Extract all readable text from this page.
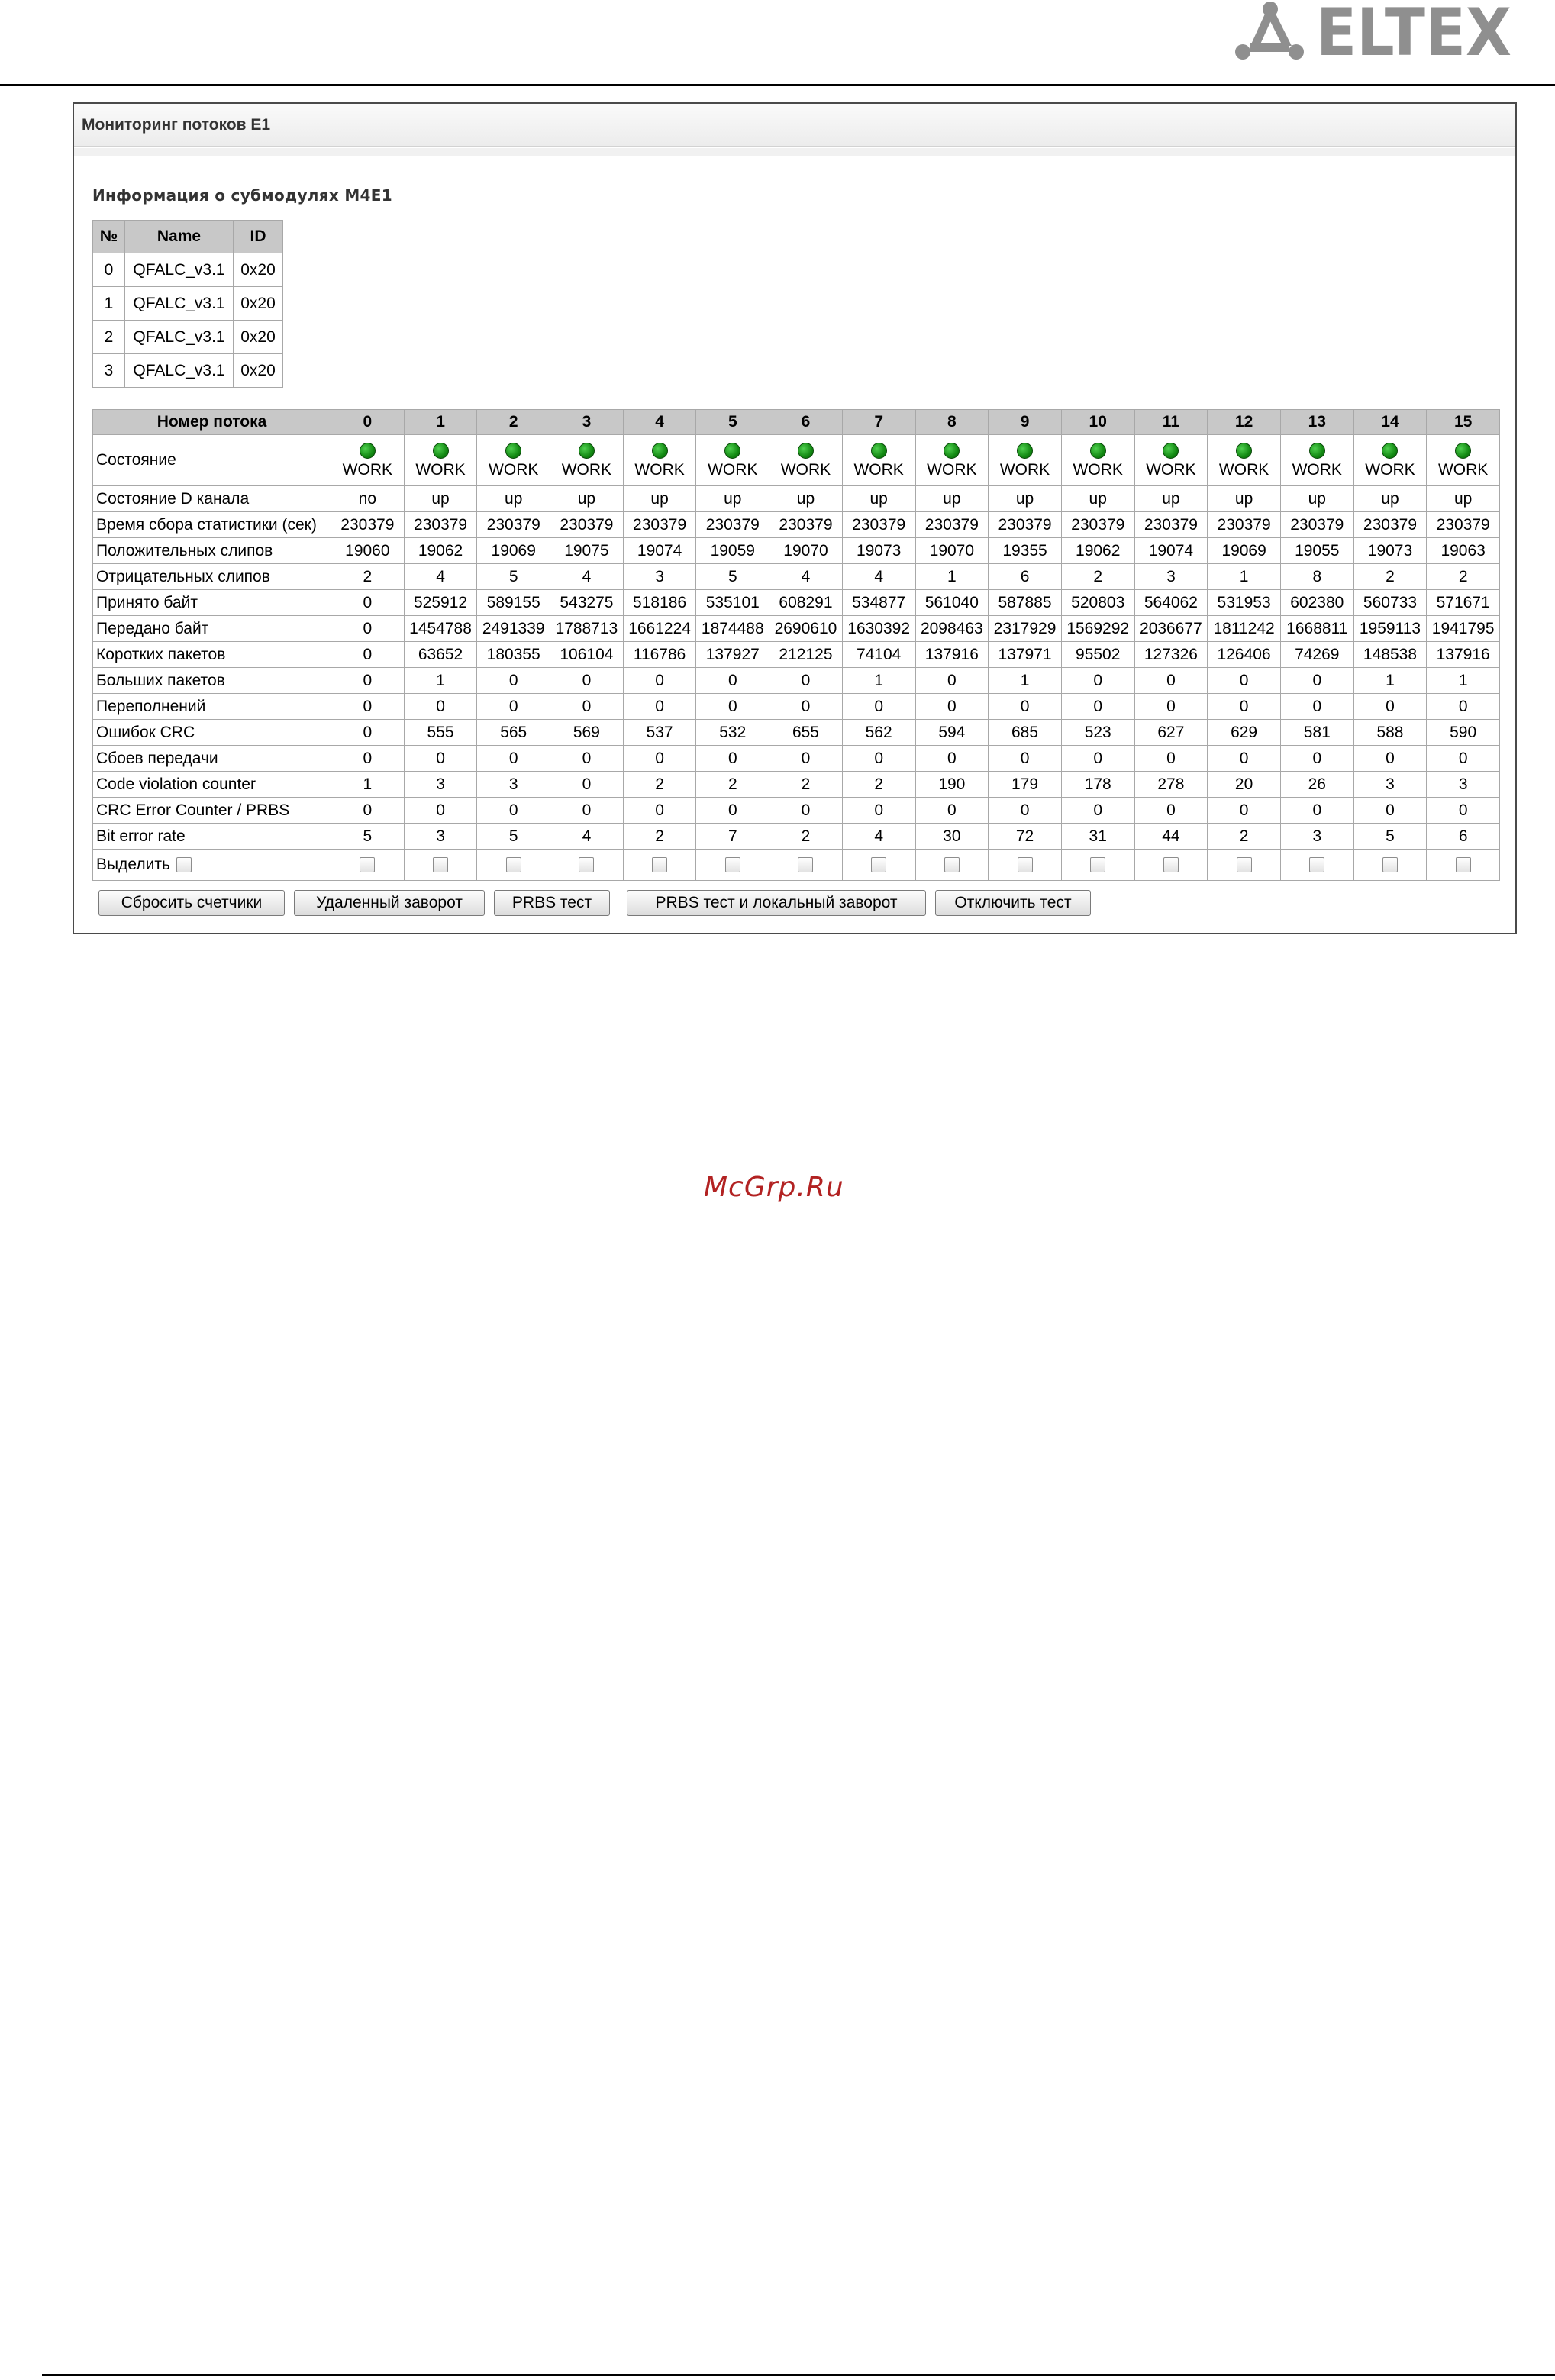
ELTEX
Мониторинг потоков E1
Информация о субмодулях M4E1
№	Name	ID
0	QFALC_v3.1	0x20
1	QFALC_v3.1	0x20
2	QFALC_v3.1	0x20
3	QFALC_v3.1	0x20
Номер потока	0	1	2	3	4	5	6	7	8	9	10	11	12	13	14	15
Состояние	WORK	WORK	WORK	WORK	WORK	WORK	WORK	WORK	WORK	WORK	WORK	WORK	WORK	WORK	WORK	WORK
Состояние D канала	no	up	up	up	up	up	up	up	up	up	up	up	up	up	up	up
Время сбора статистики (сек)	230379	230379	230379	230379	230379	230379	230379	230379	230379	230379	230379	230379	230379	230379	230379	230379
Положительных слипов	19060	19062	19069	19075	19074	19059	19070	19073	19070	19355	19062	19074	19069	19055	19073	19063
Отрицательных слипов	2	4	5	4	3	5	4	4	1	6	2	3	1	8	2	2
Принято байт	0	525912	589155	543275	518186	535101	608291	534877	561040	587885	520803	564062	531953	602380	560733	571671
Передано байт	0	1454788	2491339	1788713	1661224	1874488	2690610	1630392	2098463	2317929	1569292	2036677	1811242	1668811	1959113	1941795
Коротких пакетов	0	63652	180355	106104	116786	137927	212125	74104	137916	137971	95502	127326	126406	74269	148538	137916
Больших пакетов	0	1	0	0	0	0	0	1	0	1	0	0	0	0	1	1
Переполнений	0	0	0	0	0	0	0	0	0	0	0	0	0	0	0	0
Ошибок CRC	0	555	565	569	537	532	655	562	594	685	523	627	629	581	588	590
Сбоев передачи	0	0	0	0	0	0	0	0	0	0	0	0	0	0	0	0
Code violation counter	1	3	3	0	2	2	2	2	190	179	178	278	20	26	3	3
CRC Error Counter / PRBS	0	0	0	0	0	0	0	0	0	0	0	0	0	0	0	0
Bit error rate	5	3	5	4	2	7	2	4	30	72	31	44	2	3	5	6
Выделить																
Сбросить счетчики	Удаленный заворот	PRBS тест	PRBS тест и локальный заворот	Отключить тест
McGrp.Ru
